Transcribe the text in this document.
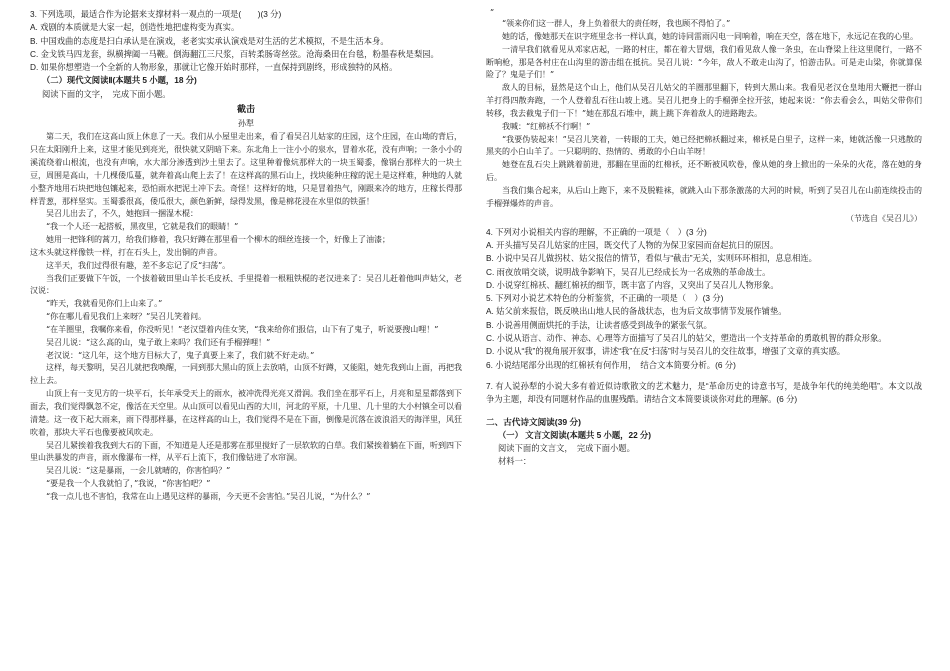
3. 下列选项，最适合作为论据来支撑材料一观点的一项是(　　)(3 分)

A. 戏剧的本质就是大家一起，创造性地把虚构变为真实。

B. 中国戏曲的态度是扫白承认是在演戏，老老实实承认演戏是对生活的艺术模拟，不是生活本身。

C. 金戈铁马四龙套，纵横捭阖一马鞭。倒海翻江三尺浆，百转柔肠寄丝弦。沧海桑田在台毯，粉墨春秋是梨园。

D. 如果你想塑造一个全新的人物形象，那就让它像开始时那样，一直保持到剧终，形成独特的风格。

（二）现代文阅读Ⅱ(本题共 5 小题，18 分)

阅读下面的文字，　完成下面小题。

截击

孙犁

第二天，我们在这高山顶上休息了一天。我们从小屋里走出来，看了看吴召儿姑家的庄园，这个庄园，在山坳的背后，只在太阳刚升上来，这里才能见到亮光，很快就又阴暗下来。东北角上一注小小的泉水，冒着水花，没有声响；一条小小的溪流绕着山根流，也没有声响，水大部分渗透到沙土里去了。这里种着像炕那样大的一块玉蜀黍，像锅台那样大的一块土豆，周围是高山，十几棵倭瓜蔓，就奔着高山爬上去了！在这样高的黑石山上，找块能种庄稼的泥土是这样难，种地的人就小整齐地用石块把地包镶起来，恐怕雨水把泥土冲下去。奇怪！这样好的地，只是冒着热气，刚跟来冷的地方，庄稼长得那样青葱，那样坚实。玉蜀黍很高，倭瓜很大，颜色新鲜，绿得发黑，像是棉花浸在水里似的铁蛋！

吴召儿出去了，不久，她抱回一捆湿木棍：

“我一个人还一起搭板，黑夜里，它就是我们的眼睛！”

她用一把锋利的蒿刀，给我们修着，我只好蹲在那里看一个柳木的细丝连接一个，好像上了油漆；

这木头就这样像铁一样，打在石头上，发出铜的声音。

这半天，我们过得很有趣，差不多忘记了反“扫荡”。

当我们正要做下午饭，一个拔着破田里山羊长毛皮袄、手里提着一根粗铁棍的老汉进来了：吴召儿赶着他叫声姑父，老汉说：

“昨天，我就看见你们上山来了。”

“你在哪儿看见我们上来呀？”吴召儿笑着问。

“在羊圈里，我嘱你来看，你没听见！”老汉望着内佳女笑，“我来给你们报信，山下有了鬼子，听说要搜山哩！”

吴召儿说：“这么高的山，鬼子敢上来吗？我们还有手榴弹哩！”

老汉说：“这几年，这个地方目标大了，鬼子真要上来了，我们就不好走动。”

这样，每天黎明，吴召儿就把我唤醒，一同到那大黑山的顶上去放哨，山顶不好蹲，又能阻，她先我到山上面，再把我拉上去。

山顶上有一支见方的一块平石，长年承受天上的雨水，被冲洗得光亮又滑润。我们坐在那平石上，月亮和星星都落到下面去，我们觉得飘忽不定，像活在天空里。从山顶可以看见山西的大川，河北的平原，十几里、几十里的大小村镇全可以看清楚。这一夜下起大雨来，雨下得那样暴，在这样高的山上，我们觉得不是在下面，倒像是沉落在波浪滔天的海洋里，风狂吹着，那块大平石也像要被风吹走。

吴召儿紧挨着我我到大石的下面，不知道是人还是那雾在那里搅好了一层软软的白草。我们紧挨着躺在下面，听到四下里山洪暴发的声音，雨水像瀑布一样，从平石上流下，我们像钻进了水帘洞。

吴召儿说：“这是暴雨，一会儿就晴的，你害怕吗？”

“要是我一个人我就怕了，”我说，“你害怕吧？”

“我一点儿也不害怕，我常在山上遇见这样的暴雨，今天更不会害怕。”吴召儿说，“为什么？”

”

“领来你们这一群人，身上负着很大的责任呀，我也顾不得怕了。”

她的话，像她那天在识字班里念书一样认真，她的诗同雷雨闪电一同响着，响在天空，落在地下，永远记在我的心里。

一清早我们就看见从邓家店起，一路的村庄，都在着大冒烟，我们看见敌人像一条虫，在山脊梁上往这里爬行，一路不断响枪，那是各村庄在山沟里的游击组在抵抗。吴召儿说：“今年，敌人不敢走山沟了，怕游击队。可是走山梁，你就算保险了？鬼是子们！”

敌人的目标，显然是这个山上，他们从吴召儿姑父的羊圈那里翻下，转到大黑山来。我看见老汉仓皇地用大鞭把一群山羊打得四散奔跑，一个人登着乱石往山坡上逃。吴召儿把身上的手榴弹全拉开弦，她起来说：“你去看会么，叫姑父带你们转移，我去截鬼子们一下！”她在那乱石堆中，跳上跳下奔着敌人的进路跑去。

我喊：“红棉袄不行啊！”

“我要伪装起来！”吴召儿笑着，一转眼的工夫，她已经把棉袄翻过来，棉袄是白里子，这样一来，她就活像一只逃散的黑夹的小白山羊了。一只聪明的、热情的、勇敢的小白山羊呀！

她登在乱石尖上跳跳着前进，那翻在里面的红棉袄，还不断被风吹卷，像从她的身上掀出的一朵朵的火花，落在她的身后。

当我们集合起来，从后山上跑下，来不及脱鞋袜，就跳入山下那条激荡的大河的时候，听到了吴召儿在山前连续投击的手榴弹爆炸的声音。

（节选自《吴召儿》）

4. 下列对小说相关内容的理解，不正确的一项是（　）(3 分)

A. 开头描写吴召儿姑家的庄园，既交代了人物的为保卫家园而奋起抗日的原因。

B. 小说中吴召儿做拐杖、姑父报信的情节，看似与“截击”无关，实则环环相扣，息息相连。

C. 雨夜放哨交谈，说明战争影响下，吴召儿已经成长为一名成熟的革命战士。

D. 小说穿红棉袄、翻红棉袄的细节，既丰富了内容，又突出了吴召儿人物形象。

5. 下列对小说艺术特色的分析鉴赏，不正确的一项是（　）(3 分)

A. 姑父前来报信，既反映出山地人民的备战状态，也为后文故事情节发展作铺垫。

B. 小说善用侧面烘托的手法，让读者感受到战争的紧张气氛。

C. 小说从语言、动作、神态、心理等方面描写了吴召儿的姑父，塑造出一个支持革命的勇敢机智的群众形象。

D. 小说从“我”的视角展开叙事，讲述“我”在反“扫荡”时与吴召儿的交往故事，增强了文章的真实感。

6. 小说结尾部分出现的红棉袄有何作用，　结合文本简要分析。(6 分)

7. 有人说孙犁的小说大多有着近似诗歌散文的艺术魅力，是“革命历史的诗意书写，是战争年代的纯美绝唱”。本文以战争为主题，却没有同题材作品的血腥残酷。请结合文本简要谈谈你对此的理解。(6 分)

二、古代诗文阅读(39 分)

（一） 文言文阅读(本题共 5 小题，22 分)

阅读下面的文言文，　完成下面小题。

材料一：
